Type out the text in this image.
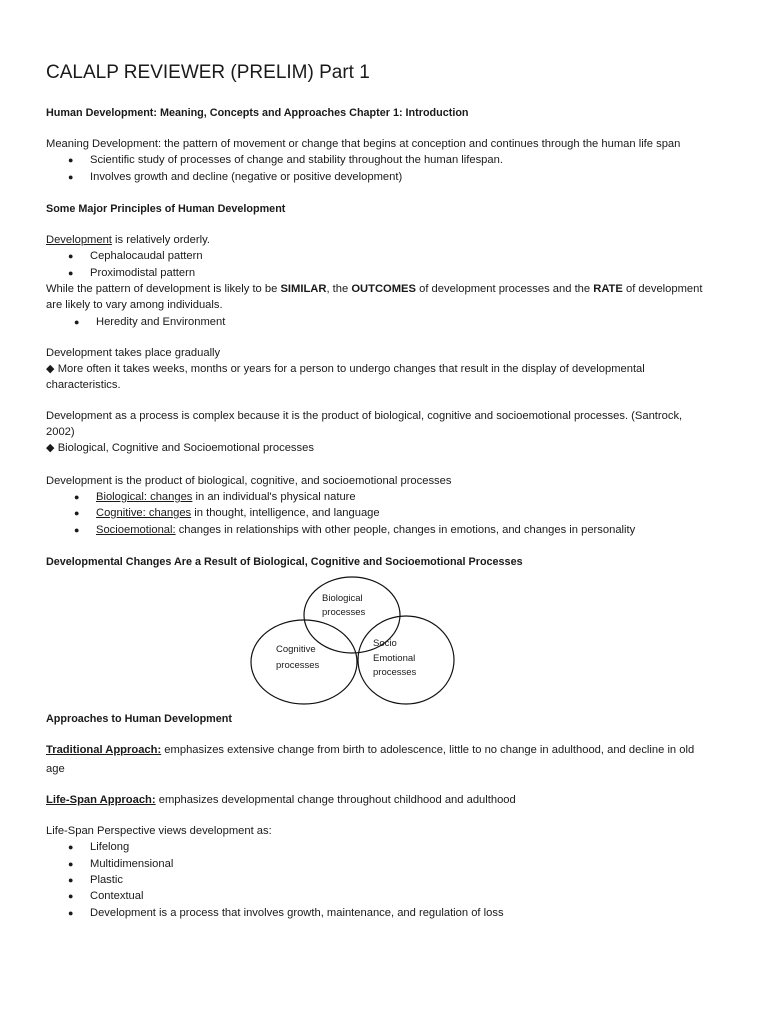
CALALP REVIEWER (PRELIM) Part 1
Human Development: Meaning, Concepts and Approaches Chapter 1: Introduction
Meaning Development: the pattern of movement or change that begins at conception and continues through the human life span
● Scientific study of processes of change and stability throughout the human lifespan.
● Involves growth and decline (negative or positive development)
Some Major Principles of Human Development
Development is relatively orderly.
● Cephalocaudal pattern
● Proximodistal pattern
While the pattern of development is likely to be SIMILAR, the OUTCOMES of development processes and the RATE of development
are likely to vary among individuals.
● Heredity and Environment
Development takes place gradually
◆ More often it takes weeks, months or years for a person to undergo changes that result in the display of developmental
characteristics.
Development as a process is complex because it is the product of biological, cognitive and socioemotional processes. (Santrock,
2002)
◆ Biological, Cognitive and Socioemotional processes
Development is the product of biological, cognitive, and socioemotional processes
● Biological: changes in an individual's physical nature
● Cognitive: changes in thought, intelligence, and language
● Socioemotional: changes in relationships with other people, changes in emotions, and changes in personality
Developmental Changes Are a Result of Biological, Cognitive and Socioemotional Processes
Approaches to Human Development
Traditional Approach: emphasizes extensive change from birth to adolescence, little to no change in adulthood, and decline in old
age
Life-Span Approach: emphasizes developmental change throughout childhood and adulthood
Life-Span Perspective views development as:
● Lifelong
● Multidimensional
● Plastic
● Contextual
● Development is a process that involves growth, maintenance, and regulation of loss
Biological
processes
Cognitive
processes
Socio
Emotional
processes
